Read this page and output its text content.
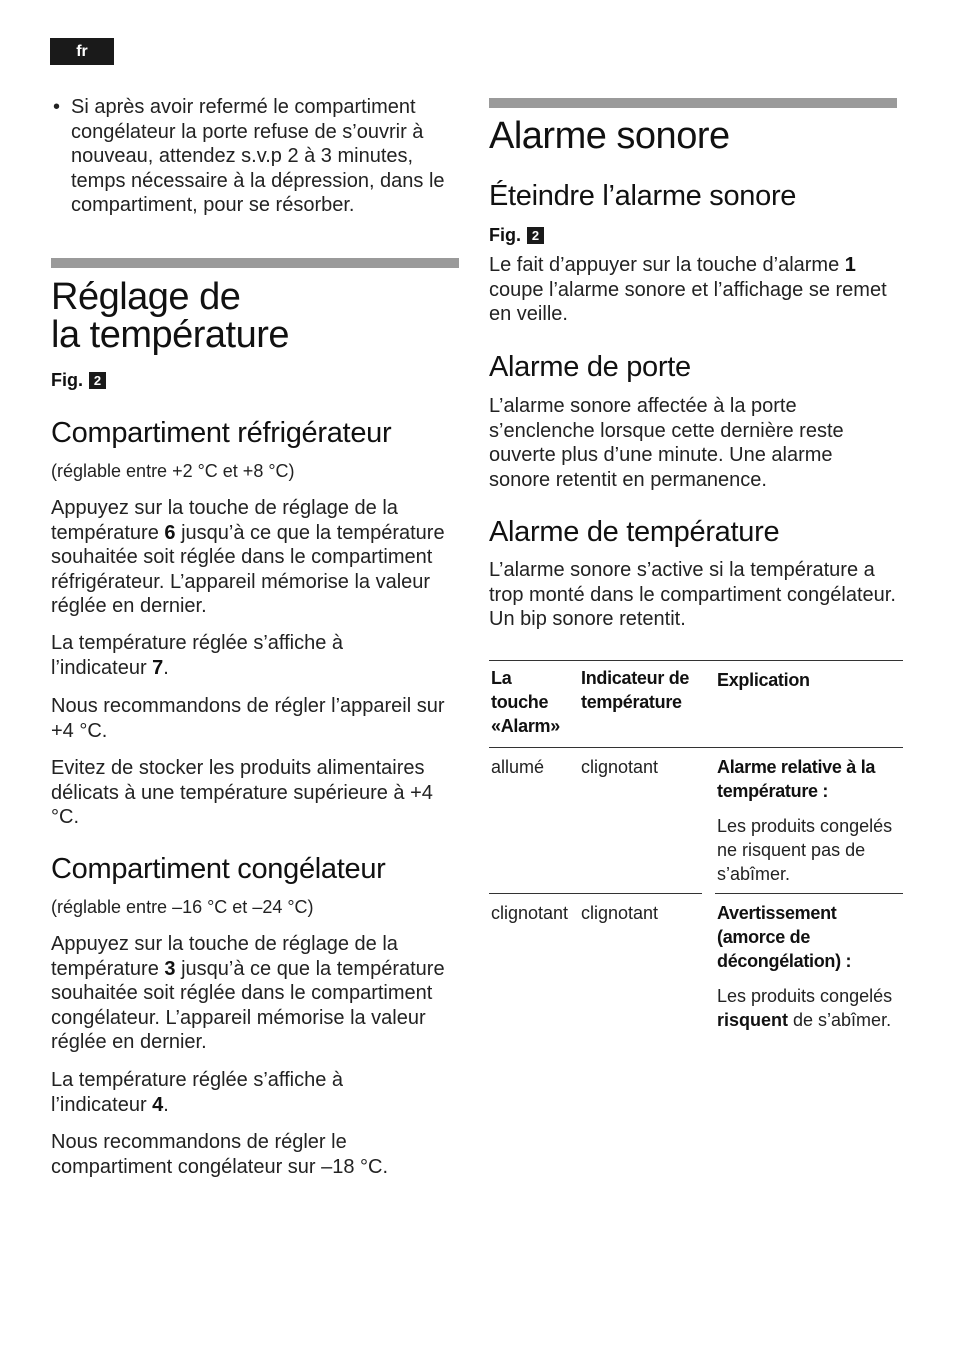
fr
• Si après avoir refermé le compartiment congélateur la porte refuse de s’ouvrir à nouveau, attendez s.v.p 2 à 3 minutes, temps nécessaire à la dépression, dans le compartiment, pour se résorber.

Réglage de
la température
Fig. 2
Compartiment réfrigérateur

(réglable entre +2 °C et +8 °C)

Appuyez sur la touche de réglage de la température 6 jusqu’à ce que la température souhaitée soit réglée dans le compartiment réfrigérateur. L’appareil mémorise la valeur réglée en dernier.

La température réglée s’affiche à l’indicateur 7.

Nous recommandons de régler l’appareil sur +4 °C.

Evitez de stocker les produits alimentaires délicats à une température supérieure à +4 °C.

Compartiment congélateur

(réglable entre –16 °C et –24 °C)

Appuyez sur la touche de réglage de la température 3 jusqu’à ce que la température souhaitée soit réglée dans le compartiment congélateur. L’appareil mémorise la valeur réglée en dernier.

La température réglée s’affiche à l’indicateur 4.

Nous recommandons de régler le compartiment congélateur sur –18 °C.

Alarme sonore
Éteindre l’alarme sonore
Fig. 2

Le fait d’appuyer sur la touche d’alarme 1 coupe l’alarme sonore et l’affichage se remet en veille.

Alarme de porte

L’alarme sonore affectée à la porte s’enclenche lorsque cette dernière reste ouverte plus d’une minute. Une alarme sonore retentit en permanence.

Alarme de température

L’alarme sonore s’active si la température a trop monté dans le compartiment congélateur. Un bip sonore retentit.

La touche «Alarm»
Indicateur de température
Explication
allumé clignotant	Alarme relative à la température :
Les produits congelés ne risquent pas de s’abîmer.
clignotant clignotant	Avertissement (amorce de décongélation) :
Les produits congelés risquent de s’abîmer.
